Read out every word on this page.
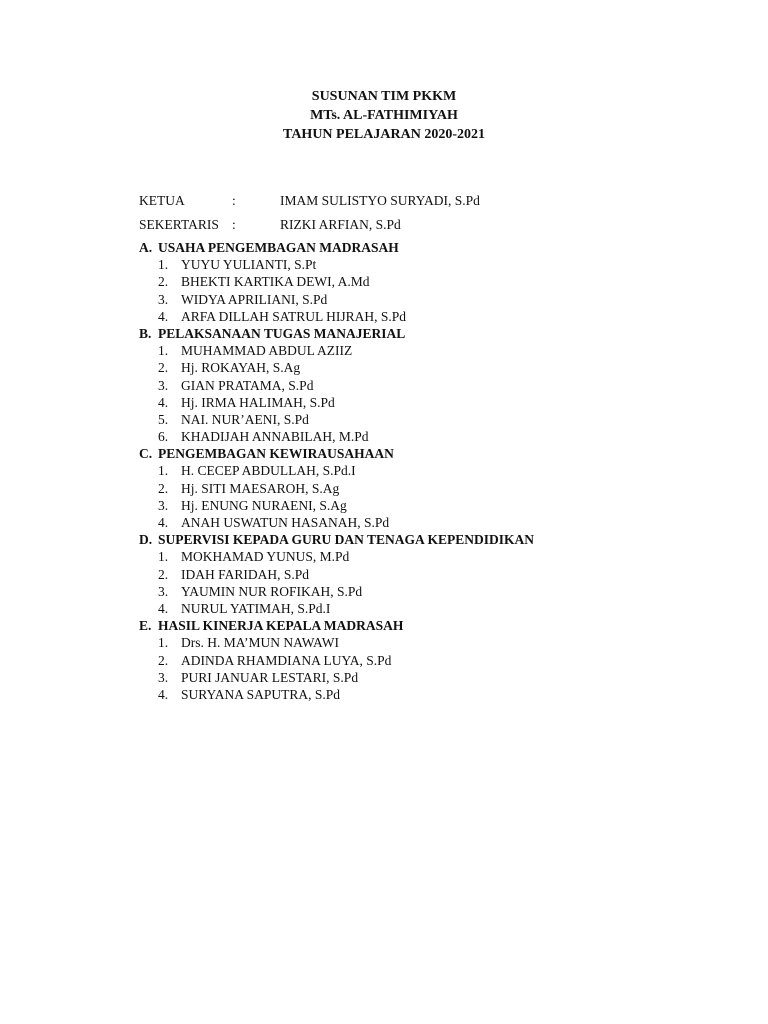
SUSUNAN TIM PKKM
MTs. AL-FATHIMIYAH
TAHUN PELAJARAN 2020-2021
KETUA	:	IMAM SULISTYO SURYADI, S.Pd
SEKERTARIS :	RIZKI ARFIAN, S.Pd
A. USAHA PENGEMBAGAN MADRASAH
1. YUYU YULIANTI, S.Pt
2. BHEKTI KARTIKA DEWI, A.Md
3. WIDYA APRILIANI, S.Pd
4. ARFA DILLAH SATRUL HIJRAH, S.Pd
B. PELAKSANAAN TUGAS MANAJERIAL
1. MUHAMMAD ABDUL AZIIZ
2. Hj. ROKAYAH, S.Ag
3. GIAN PRATAMA, S.Pd
4. Hj. IRMA HALIMAH, S.Pd
5. NAI. NUR’AENI, S.Pd
6. KHADIJAH ANNABILAH, M.Pd
C. PENGEMBAGAN KEWIRAUSAHAAN
1. H. CECEP ABDULLAH, S.Pd.I
2. Hj. SITI MAESAROH, S.Ag
3. Hj. ENUNG NURAENI, S.Ag
4. ANAH USWATUN HASANAH, S.Pd
D. SUPERVISI KEPADA GURU DAN TENAGA KEPENDIDIKAN
1. MOKHAMAD YUNUS, M.Pd
2. IDAH FARIDAH, S.Pd
3. YAUMIN NUR ROFIKAH, S.Pd
4. NURUL YATIMAH, S.Pd.I
E. HASIL KINERJA KEPALA MADRASAH
1. Drs. H. MA’MUN NAWAWI
2. ADINDA RHAMDIANA LUYA, S.Pd
3. PURI JANUAR LESTARI, S.Pd
4. SURYANA SAPUTRA, S.Pd
